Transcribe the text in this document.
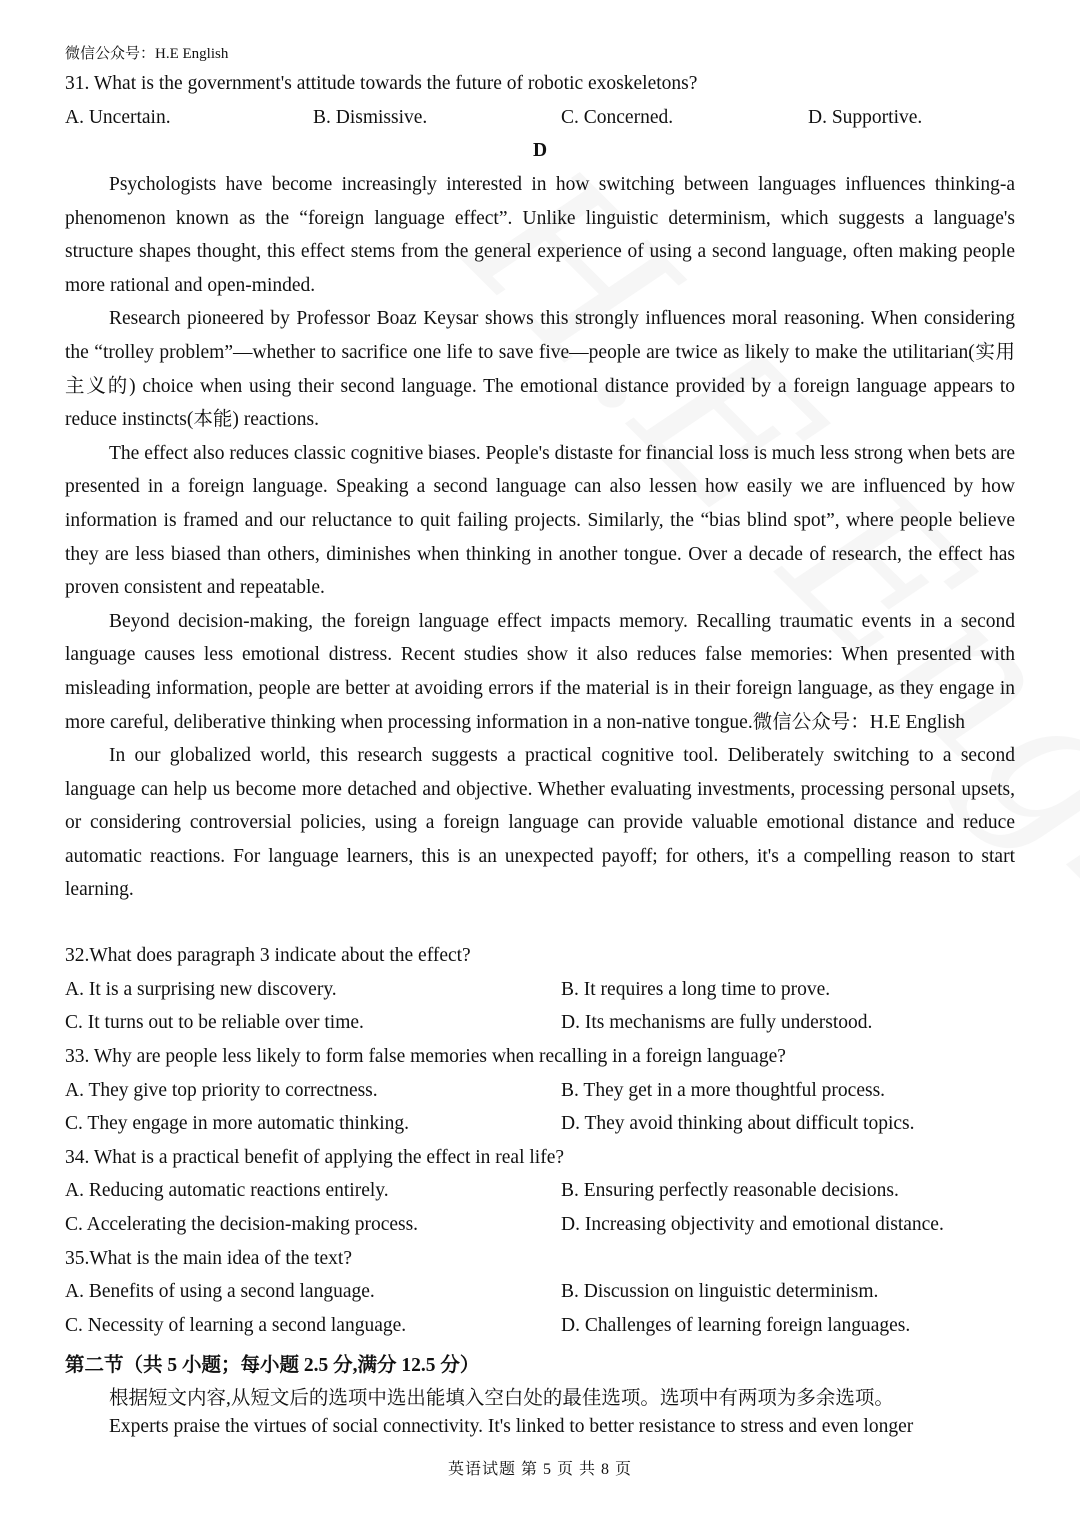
微信公众号：H.E English
31. What is the government's attitude towards the future of robotic exoskeletons?
A. Uncertain.	B. Dismissive.	C. Concerned.	D. Supportive.
D

Psychologists have become increasingly interested in how switching between languages influences thinking-a phenomenon known as the “foreign language effect”. Unlike linguistic determinism, which suggests a language's structure shapes thought, this effect stems from the general experience of using a second language, often making people more rational and open-minded.

Research pioneered by Professor Boaz Keysar shows this strongly influences moral reasoning. When considering the “trolley problem”—whether to sacrifice one life to save five—people are twice as likely to make the utilitarian(实用主义的) choice when using their second language. The emotional distance provided by a foreign language appears to reduce instincts(本能) reactions.

The effect also reduces classic cognitive biases. People's distaste for financial loss is much less strong when bets are presented in a foreign language. Speaking a second language can also lessen how easily we are influenced by how information is framed and our reluctance to quit failing projects. Similarly, the “bias blind spot”, where people believe they are less biased than others, diminishes when thinking in another tongue. Over a decade of research, the effect has proven consistent and repeatable.

Beyond decision-making, the foreign language effect impacts memory. Recalling traumatic events in a second language causes less emotional distress. Recent studies show it also reduces false memories: When presented with misleading information, people are better at avoiding errors if the material is in their foreign language, as they engage in more careful, deliberative thinking when processing information in a non-native tongue.微信公众号：H.E English

In our globalized world, this research suggests a practical cognitive tool. Deliberately switching to a second language can help us become more detached and objective. Whether evaluating investments, processing personal upsets, or considering controversial policies, using a foreign language can provide valuable emotional distance and reduce automatic reactions. For language learners, this is an unexpected payoff; for others, it's a compelling reason to start learning.

32.What does paragraph 3 indicate about the effect?
A. It is a surprising new discovery.	B. It requires a long time to prove.
C. It turns out to be reliable over time.	D. Its mechanisms are fully understood.
33. Why are people less likely to form false memories when recalling in a foreign language?
A. They give top priority to correctness.	B. They get in a more thoughtful process.
C. They engage in more automatic thinking.	D. They avoid thinking about difficult topics.
34. What is a practical benefit of applying the effect in real life?
A. Reducing automatic reactions entirely.	B. Ensuring perfectly reasonable decisions.
C. Accelerating the decision-making process.	D. Increasing objectivity and emotional distance.
35.What is the main idea of the text?
A. Benefits of using a second language.	B. Discussion on linguistic determinism.
C. Necessity of learning a second language.	D. Challenges of learning foreign languages.
第二节（共 5 小题；每小题 2.5 分,满分 12.5 分）
根据短文内容,从短文后的选项中选出能填入空白处的最佳选项。选项中有两项为多余选项。
Experts praise the virtues of social connectivity. It's linked to better resistance to stress and even longer
英语试题 第 5 页 共 8 页
